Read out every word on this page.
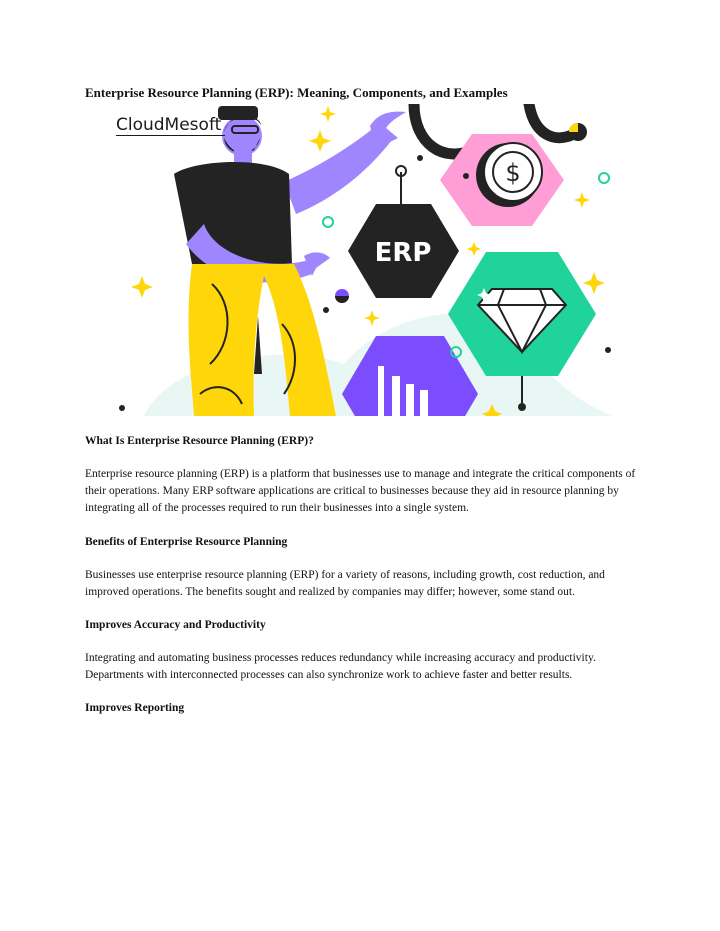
Enterprise Resource Planning (ERP): Meaning, Components, and Examples
$
ERP
CloudMesoft
What Is Enterprise Resource Planning (ERP)?

Enterprise resource planning (ERP) is a platform that businesses use to manage and integrate the critical components of their operations. Many ERP software applications are critical to businesses because they aid in resource planning by integrating all of the processes required to run their businesses into a single system.

Benefits of Enterprise Resource Planning

Businesses use enterprise resource planning (ERP) for a variety of reasons, including growth, cost reduction, and improved operations. The benefits sought and realized by companies may differ; however, some stand out.

Improves Accuracy and Productivity

Integrating and automating business processes reduces redundancy while increasing accuracy and productivity. Departments with interconnected processes can also synchronize work to achieve faster and better results.

Improves Reporting
